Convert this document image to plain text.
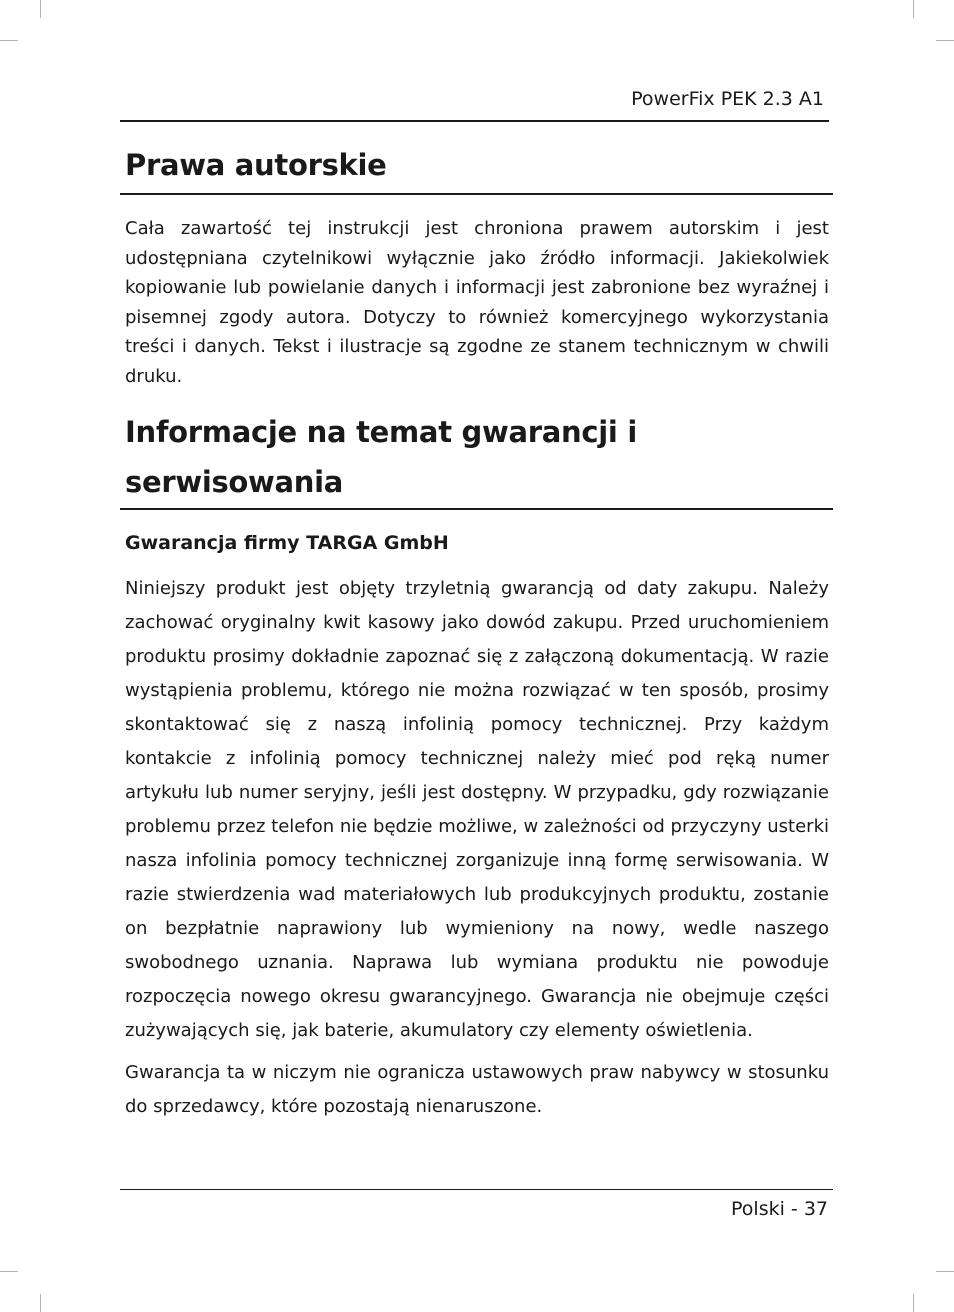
PowerFix PEK 2.3 A1
Prawa autorskie
Cała zawartość tej instrukcji jest chroniona prawem autorskim i jest udostępniana czytelnikowi wyłącznie jako źródło informacji. Jakiekolwiek kopiowanie lub powielanie danych i informacji jest zabronione bez wyraźnej i pisemnej zgody autora. Dotyczy to również komercyjnego wykorzystania treści i danych. Tekst i ilustracje są zgodne ze stanem technicznym w chwili druku.
Informacje na temat gwarancji i serwisowania
Gwarancja firmy TARGA GmbH
Niniejszy produkt jest objęty trzyletnią gwarancją od daty zakupu. Należy zachować oryginalny kwit kasowy jako dowód zakupu. Przed uruchomieniem produktu prosimy dokładnie zapoznać się z załączoną dokumentacją. W razie wystąpienia problemu, którego nie można rozwiązać w ten sposób, prosimy skontaktować się z naszą infolinią pomocy technicznej. Przy każdym kontakcie z infolinią pomocy technicznej należy mieć pod ręką numer artykułu lub numer seryjny, jeśli jest dostępny. W przypadku, gdy rozwiązanie problemu przez telefon nie będzie możliwe, w zależności od przyczyny usterki nasza infolinia pomocy technicznej zorganizuje inną formę serwisowania. W razie stwierdzenia wad materiałowych lub produkcyjnych produktu, zostanie on bezpłatnie naprawiony lub wymieniony na nowy, wedle naszego swobodnego uznania. Naprawa lub wymiana produktu nie powoduje rozpoczęcia nowego okresu gwarancyjnego. Gwarancja nie obejmuje części zużywających się, jak baterie, akumulatory czy elementy oświetlenia.
Gwarancja ta w niczym nie ogranicza ustawowych praw nabywcy w stosunku do sprzedawcy, które pozostają nienaruszone.
Polski - 37
